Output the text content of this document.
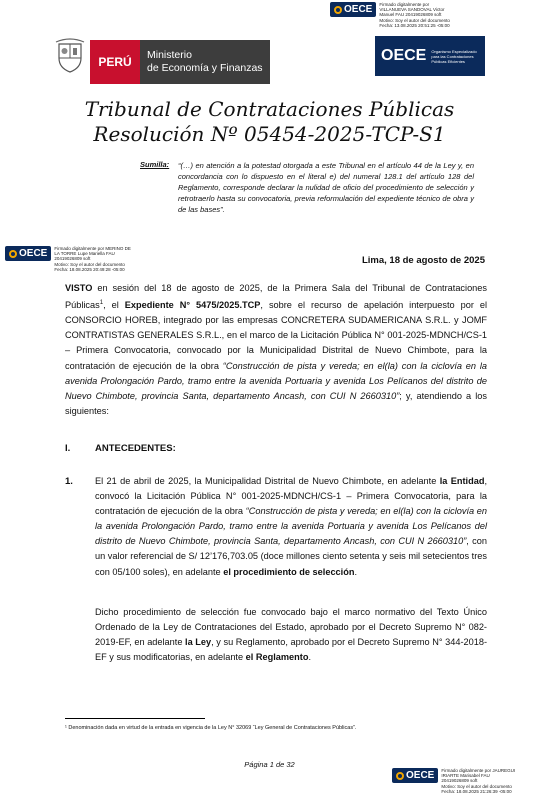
OECE Firmado digitalmente por
VILLANUEVA SANDOVAL Victor
Manuel FAU 20419026809 soft
Motivo: Soy el autor del documento
Fecha: 13.08.2025 20:51:25 -05:00
PERÚ	Ministerio
de Economía y Finanzas
OECE Organismo Especializado para las Contrataciones Públicas Eficientes
Tribunal de Contrataciones Públicas
Resolución Nº 05454-2025-TCP-S1
Sumilla: “(…) en atención a la potestad otorgada a este Tribunal en el artículo 44 de la Ley y, en concordancia con lo dispuesto en el literal e) del numeral 128.1 del artículo 128 del Reglamento, corresponde declarar la nulidad de oficio del procedimiento de selección y retrotraerlo hasta su convocatoria, previa reformulación del expediente técnico de obra y de las bases”.
OECE Firmado digitalmente por MERINO DE
LA TORRE Lupe Mariella FAU
20419026809 soft
Motivo: Soy el autor del documento
Fecha: 18.08.2025 20:49:28 -05:00
Lima, 18 de agosto de 2025
VISTO en sesión del 18 de agosto de 2025, de la Primera Sala del Tribunal de Contrataciones Públicas$^1$, el Expediente N° 5475/2025.TCP, sobre el recurso de apelación interpuesto por el CONSORCIO HOREB, integrado por las empresas CONCRETERA SUDAMERICANA S.R.L. y JOMF CONTRATISTAS GENERALES S.R.L., en el marco de la Licitación Pública N° 001-2025-MDNCH/CS-1 – Primera Convocatoria, convocado por la Municipalidad Distrital de Nuevo Chimbote, para la contratación de ejecución de la obra “Construcción de pista y vereda; en el(la) con la ciclovía en la avenida Prolongación Pardo, tramo entre la avenida Portuaria y avenida Los Pelícanos del distrito de Nuevo Chimbote, provincia Santa, departamento Ancash, con CUI N 2660310”; y, atendiendo a los siguientes:
I.	ANTECEDENTES:
1. El 21 de abril de 2025, la Municipalidad Distrital de Nuevo Chimbote, en adelante la Entidad, convocó la Licitación Pública N° 001-2025-MDNCH/CS-1 – Primera Convocatoria, para la contratación de ejecución de la obra “Construcción de pista y vereda; en el(la) con la ciclovía en la avenida Prolongación Pardo, tramo entre la avenida Portuaria y avenida Los Pelícanos del distrito de Nuevo Chimbote, provincia Santa, departamento Ancash, con CUI N 2660310”, con un valor referencial de S/ 12’176,703.05 (doce millones ciento setenta y seis mil setecientos tres con 05/100 soles), en adelante el procedimiento de selección.
Dicho procedimiento de selección fue convocado bajo el marco normativo del Texto Único Ordenado de la Ley de Contrataciones del Estado, aprobado por el Decreto Supremo N° 082-2019-EF, en adelante la Ley, y su Reglamento, aprobado por el Decreto Supremo N° 344-2018-EF y sus modificatorias, en adelante el Reglamento.
¹ Denominación dada en virtud de la entrada en vigencia de la Ley N° 32069 “Ley General de Contrataciones Públicas”.
Página 1 de 32
OECE Firmado digitalmente por JAUREGUI
IRIARTE Marisabel FAU
20419026809 soft
Motivo: Soy el autor del documento
Fecha: 18.08.2025 21:26:39 -05:00
